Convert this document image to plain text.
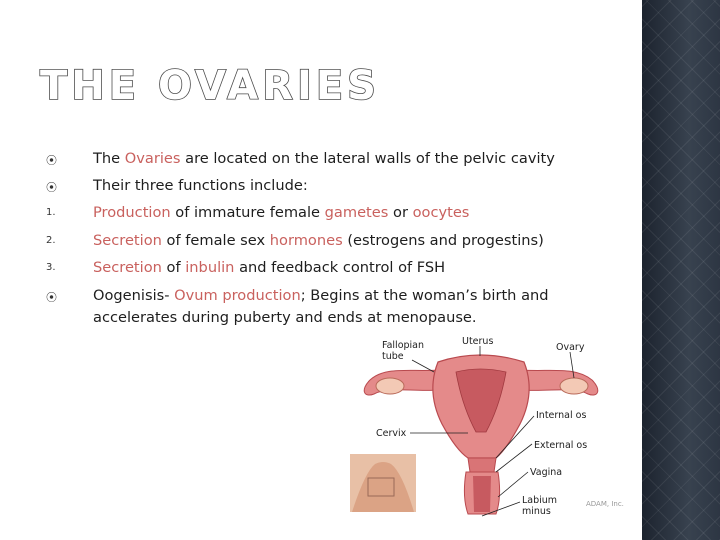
THE OVARIES
⦿	The Ovaries are located on the lateral walls of the pelvic cavity
⦿	Their three functions include:
1.	Production of immature female gametes or oocytes
2.	Secretion of female sex hormones (estrogens and progestins)
3.	Secretion of inbulin and feedback control of FSH
⦿	Oogenisis- Ovum production; Begins at the woman’s birth and accelerates during puberty and ends at menopause.
Fallopian
tube
Uterus
Ovary
Internal os
Cervix
External os
Vagina
Labium
minus
ADAM, Inc.
